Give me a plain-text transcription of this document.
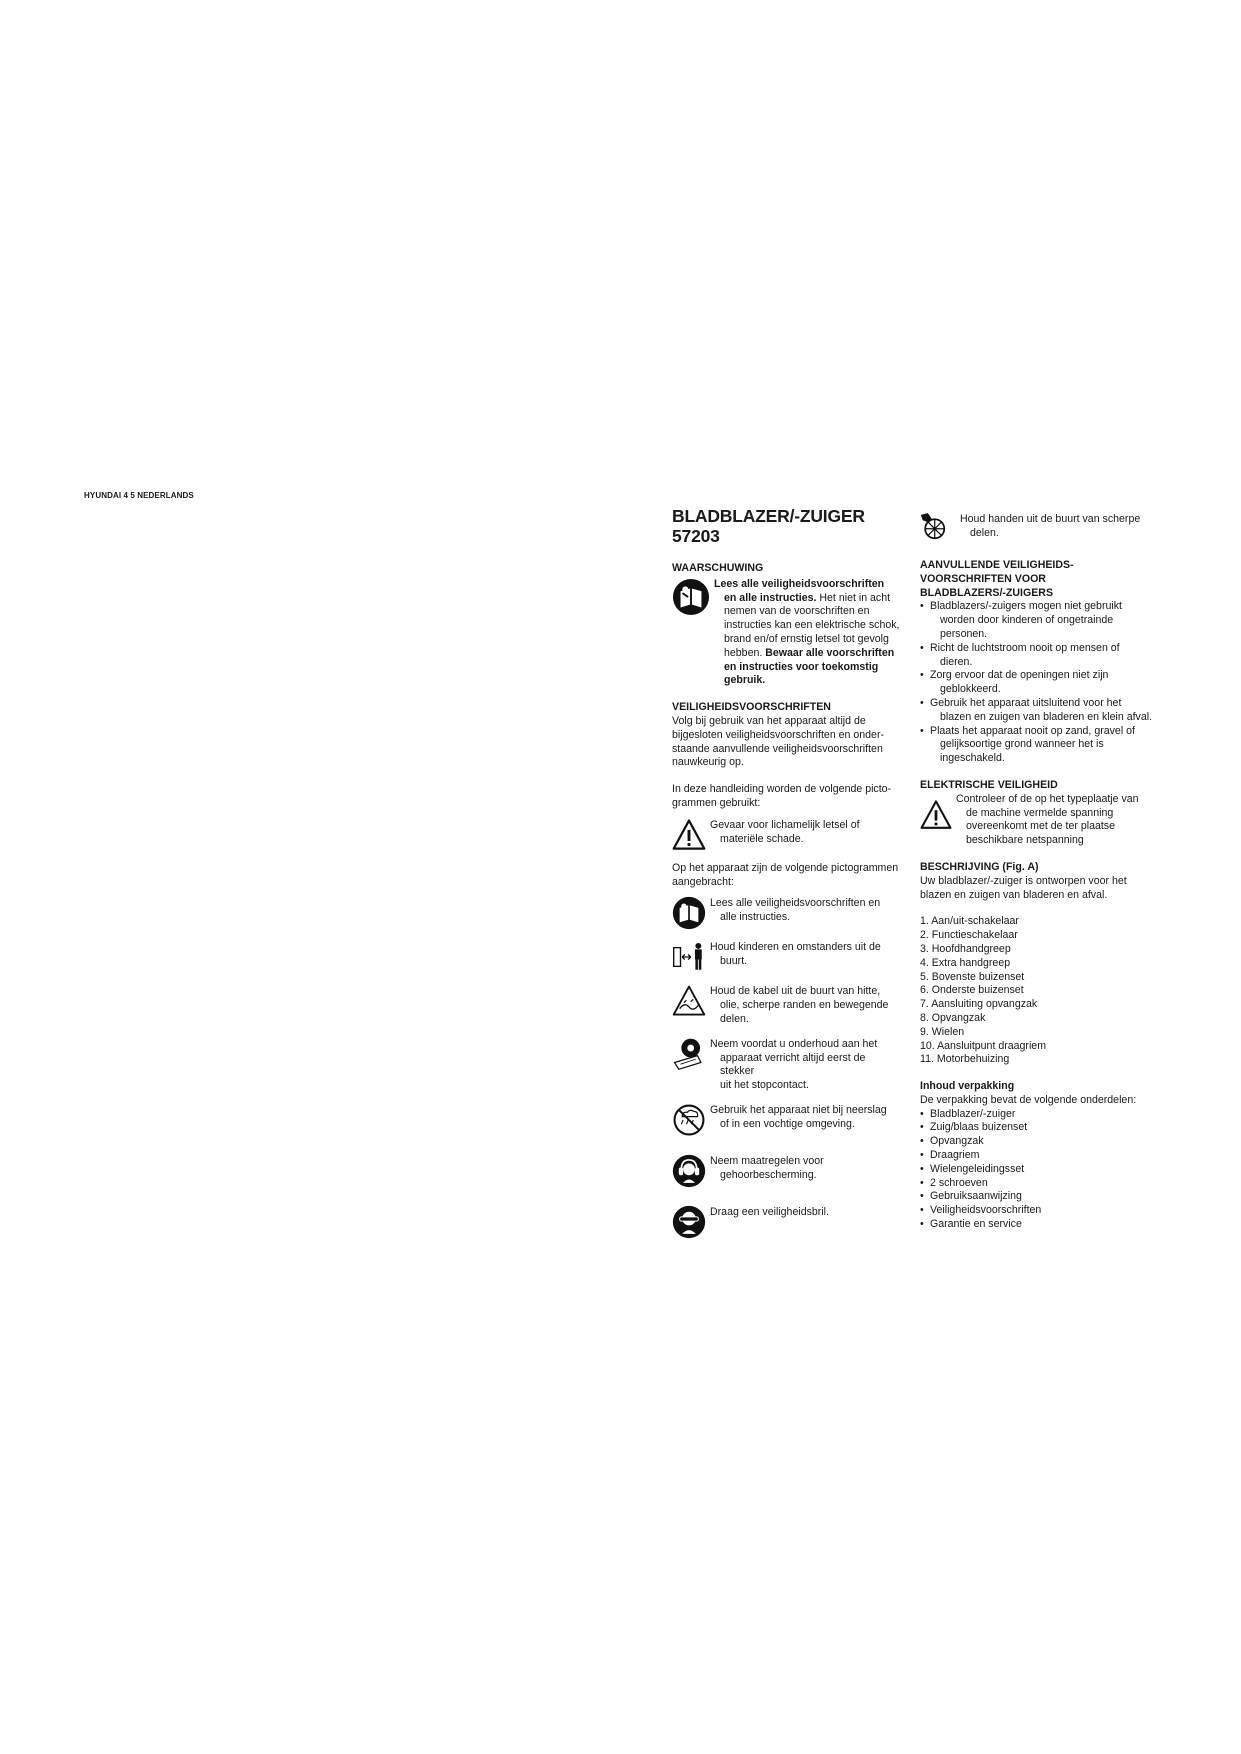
HYUNDAI 4 5 NEDERLANDS
BLADBLAZER/-ZUIGER
57203

WAARSCHUWING

Lees alle veiligheidsvoorschriften
en alle instructies. Het niet in acht
nemen van de voorschriften en
instructies kan een elektrische schok,
brand en/of ernstig letsel tot gevolg
hebben. Bewaar alle voorschriften
en instructies voor toekomstig
gebruik.

VEILIGHEIDSVOORSCHRIFTEN

Volg bij gebruik van het apparaat altijd de

bijgesloten veiligheidsvoorschriften en onder-

staande aanvullende veiligheidsvoorschriften

nauwkeurig op.

In deze handleiding worden de volgende picto-

grammen gebruikt:

Gevaar voor lichamelijk letsel of
materiële schade.

Op het apparaat zijn de volgende pictogrammen

aangebracht:

Lees alle veiligheidsvoorschriften en
alle instructies.
Houd kinderen en omstanders uit de
buurt.
Houd de kabel uit de buurt van hitte,
olie, scherpe randen en bewegende
delen.
Neem voordat u onderhoud aan het
apparaat verricht altijd eerst de stekker
uit het stopcontact.
Gebruik het apparaat niet bij neerslag
of in een vochtige omgeving.
Neem maatregelen voor
gehoorbescherming.
Draag een veiligheidsbril.
Houd handen uit de buurt van scherpe
delen.

AANVULLENDE VEILIGHEIDS-

VOORSCHRIFTEN VOOR

BLADBLAZERS/-ZUIGERS

• Bladblazers/-zuigers mogen niet gebruikt
worden door kinderen of ongetrainde
personen.
• Richt de luchtstroom nooit op mensen of
dieren.
• Zorg ervoor dat de openingen niet zijn
geblokkeerd.
• Gebruik het apparaat uitsluitend voor het
blazen en zuigen van bladeren en klein afval.
• Plaats het apparaat nooit op zand, gravel of
gelijksoortige grond wanneer het is
ingeschakeld.

ELEKTRISCHE VEILIGHEID

Controleer of de op het typeplaatje van
de machine vermelde spanning
overeenkomt met de ter plaatse
beschikbare netspanning

BESCHRIJVING (Fig. A)

Uw bladblazer/-zuiger is ontworpen voor het

blazen en zuigen van bladeren en afval.

1. Aan/uit-schakelaar
2. Functieschakelaar
3. Hoofdhandgreep
4. Extra handgreep
5. Bovenste buizenset
6. Onderste buizenset
7. Aansluiting opvangzak
8. Opvangzak
9. Wielen
10. Aansluitpunt draagriem
11. Motorbehuizing

Inhoud verpakking

De verpakking bevat de volgende onderdelen:

• Bladblazer/-zuiger
• Zuig/blaas buizenset
• Opvangzak
• Draagriem
• Wielengeleidingsset
• 2 schroeven
• Gebruiksaanwijzing
• Veiligheidsvoorschriften
• Garantie en service
